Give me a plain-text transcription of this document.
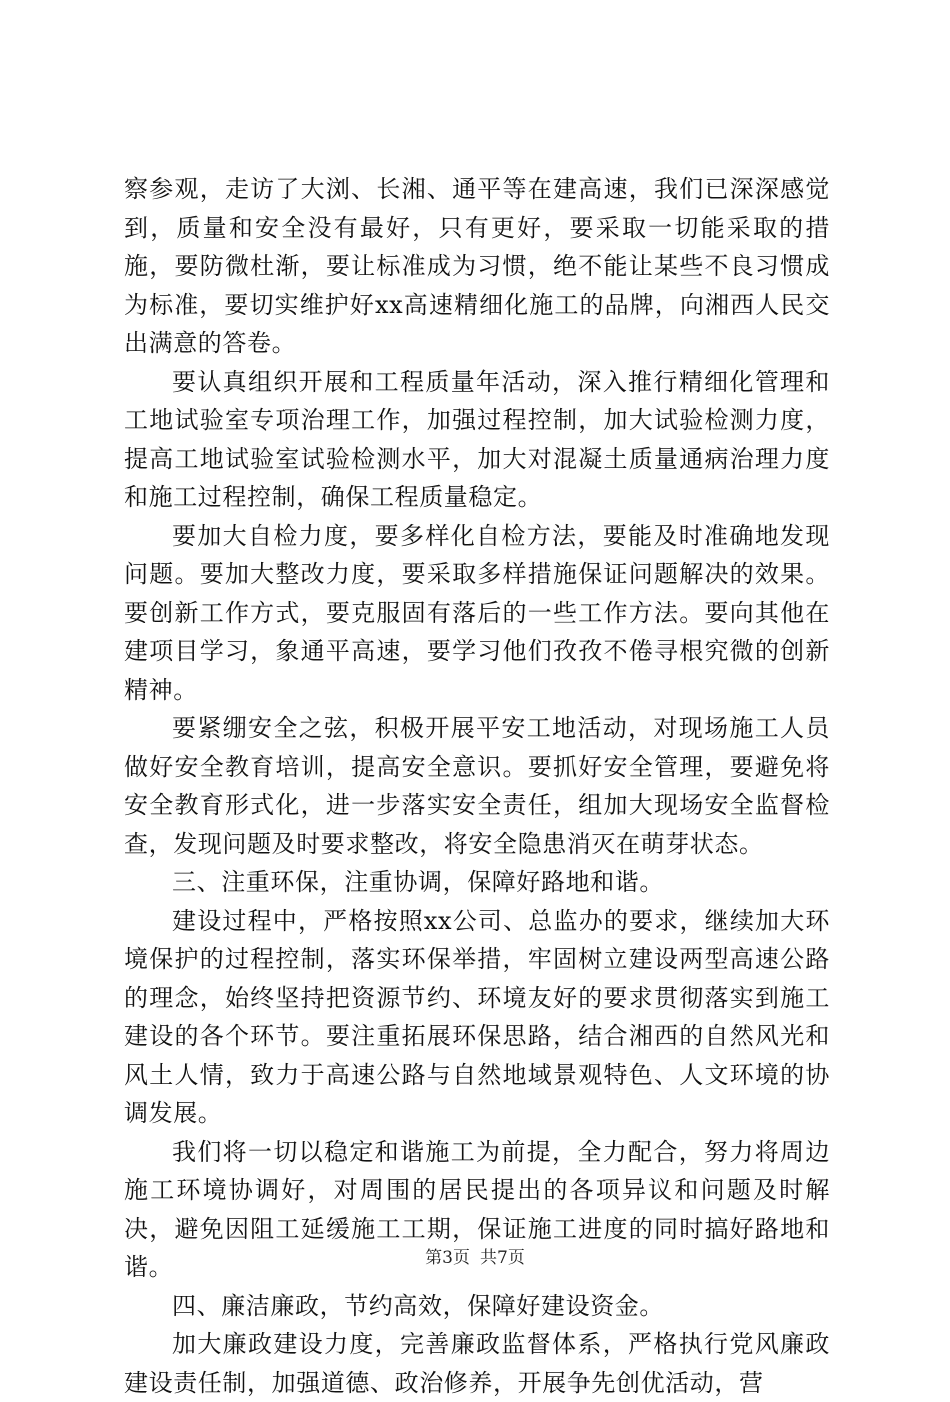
察参观，走访了大浏、长湘、通平等在建高速，我们已深深感觉到，质量和安全没有最好，只有更好，要采取一切能采取的措施，要防微杜渐，要让标准成为习惯，绝不能让某些不良习惯成为标准，要切实维护好xx高速精细化施工的品牌，向湘西人民交出满意的答卷。

要认真组织开展和工程质量年活动，深入推行精细化管理和工地试验室专项治理工作，加强过程控制，加大试验检测力度，提高工地试验室试验检测水平，加大对混凝土质量通病治理力度和施工过程控制，确保工程质量稳定。

要加大自检力度，要多样化自检方法，要能及时准确地发现问题。要加大整改力度，要采取多样措施保证问题解决的效果。要创新工作方式，要克服固有落后的一些工作方法。要向其他在建项目学习，象通平高速，要学习他们孜孜不倦寻根究微的创新精神。

要紧绷安全之弦，积极开展平安工地活动，对现场施工人员做好安全教育培训，提高安全意识。要抓好安全管理，要避免将安全教育形式化，进一步落实安全责任，组加大现场安全监督检查，发现问题及时要求整改，将安全隐患消灭在萌芽状态。

三、注重环保，注重协调，保障好路地和谐。

建设过程中，严格按照xx公司、总监办的要求，继续加大环境保护的过程控制，落实环保举措，牢固树立建设两型高速公路的理念，始终坚持把资源节约、环境友好的要求贯彻落实到施工建设的各个环节。要注重拓展环保思路，结合湘西的自然风光和风土人情，致力于高速公路与自然地域景观特色、人文环境的协调发展。

我们将一切以稳定和谐施工为前提，全力配合，努力将周边施工环境协调好，对周围的居民提出的各项异议和问题及时解决，避免因阻工延缓施工工期，保证施工进度的同时搞好路地和谐。

四、廉洁廉政，节约高效，保障好建设资金。

加大廉政建设力度，完善廉政监督体系，严格执行党风廉政建设责任制，加强道德、政治修养，开展争先创优活动，营

第3页 共7页
